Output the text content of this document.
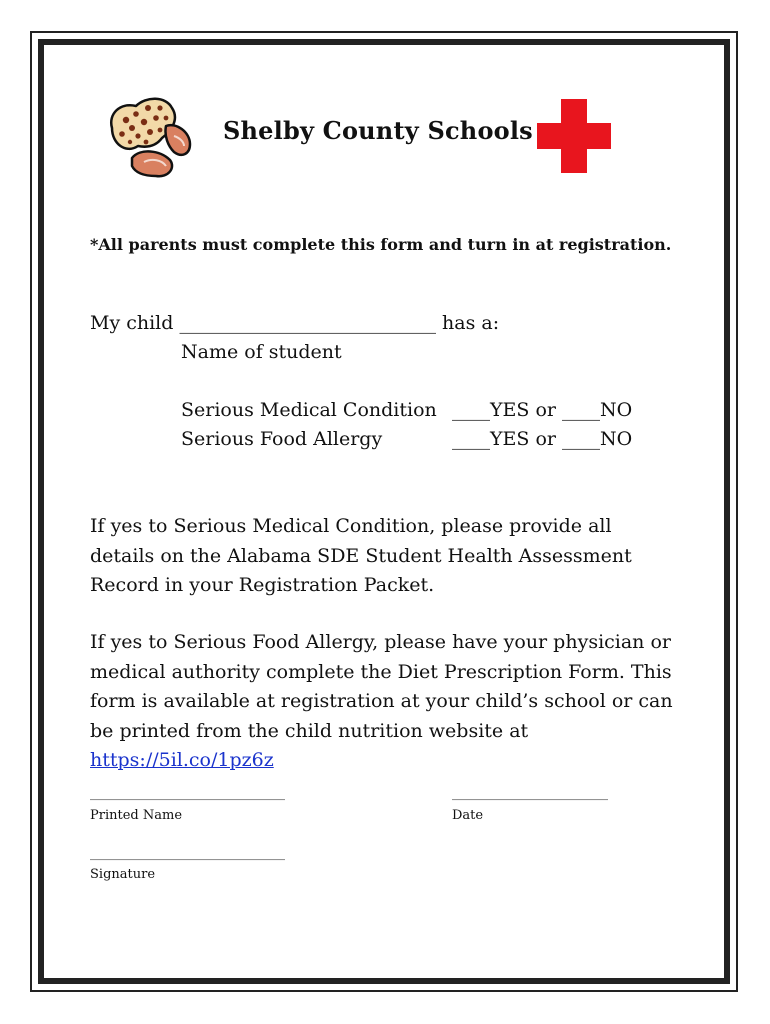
Shelby County Schools
*All parents must complete this form and turn in at registration.
My child ___________________________ has a:
Name of student
Serious Medical Condition ____YES or ____NO
Serious Food Allergy	____YES or ____NO
If yes to Serious Medical Condition, please provide all details on the Alabama SDE Student Health Assessment Record in your Registration Packet.
If yes to Serious Food Allergy, please have your physician or medical authority complete the Diet Prescription Form. This form is available at registration at your child’s school or can be printed from the child nutrition website at https://5il.co/1pz6z
______________________________
Printed Name
________________________
Date
______________________________
Signature
